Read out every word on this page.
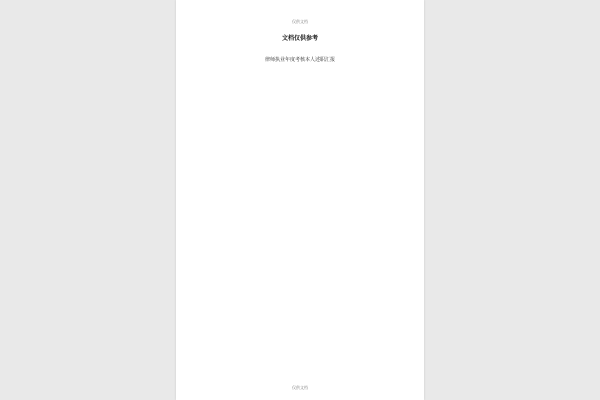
仅供文档
文档仅供参考
律师执业年度考核本人述职汇报

仅供文档
